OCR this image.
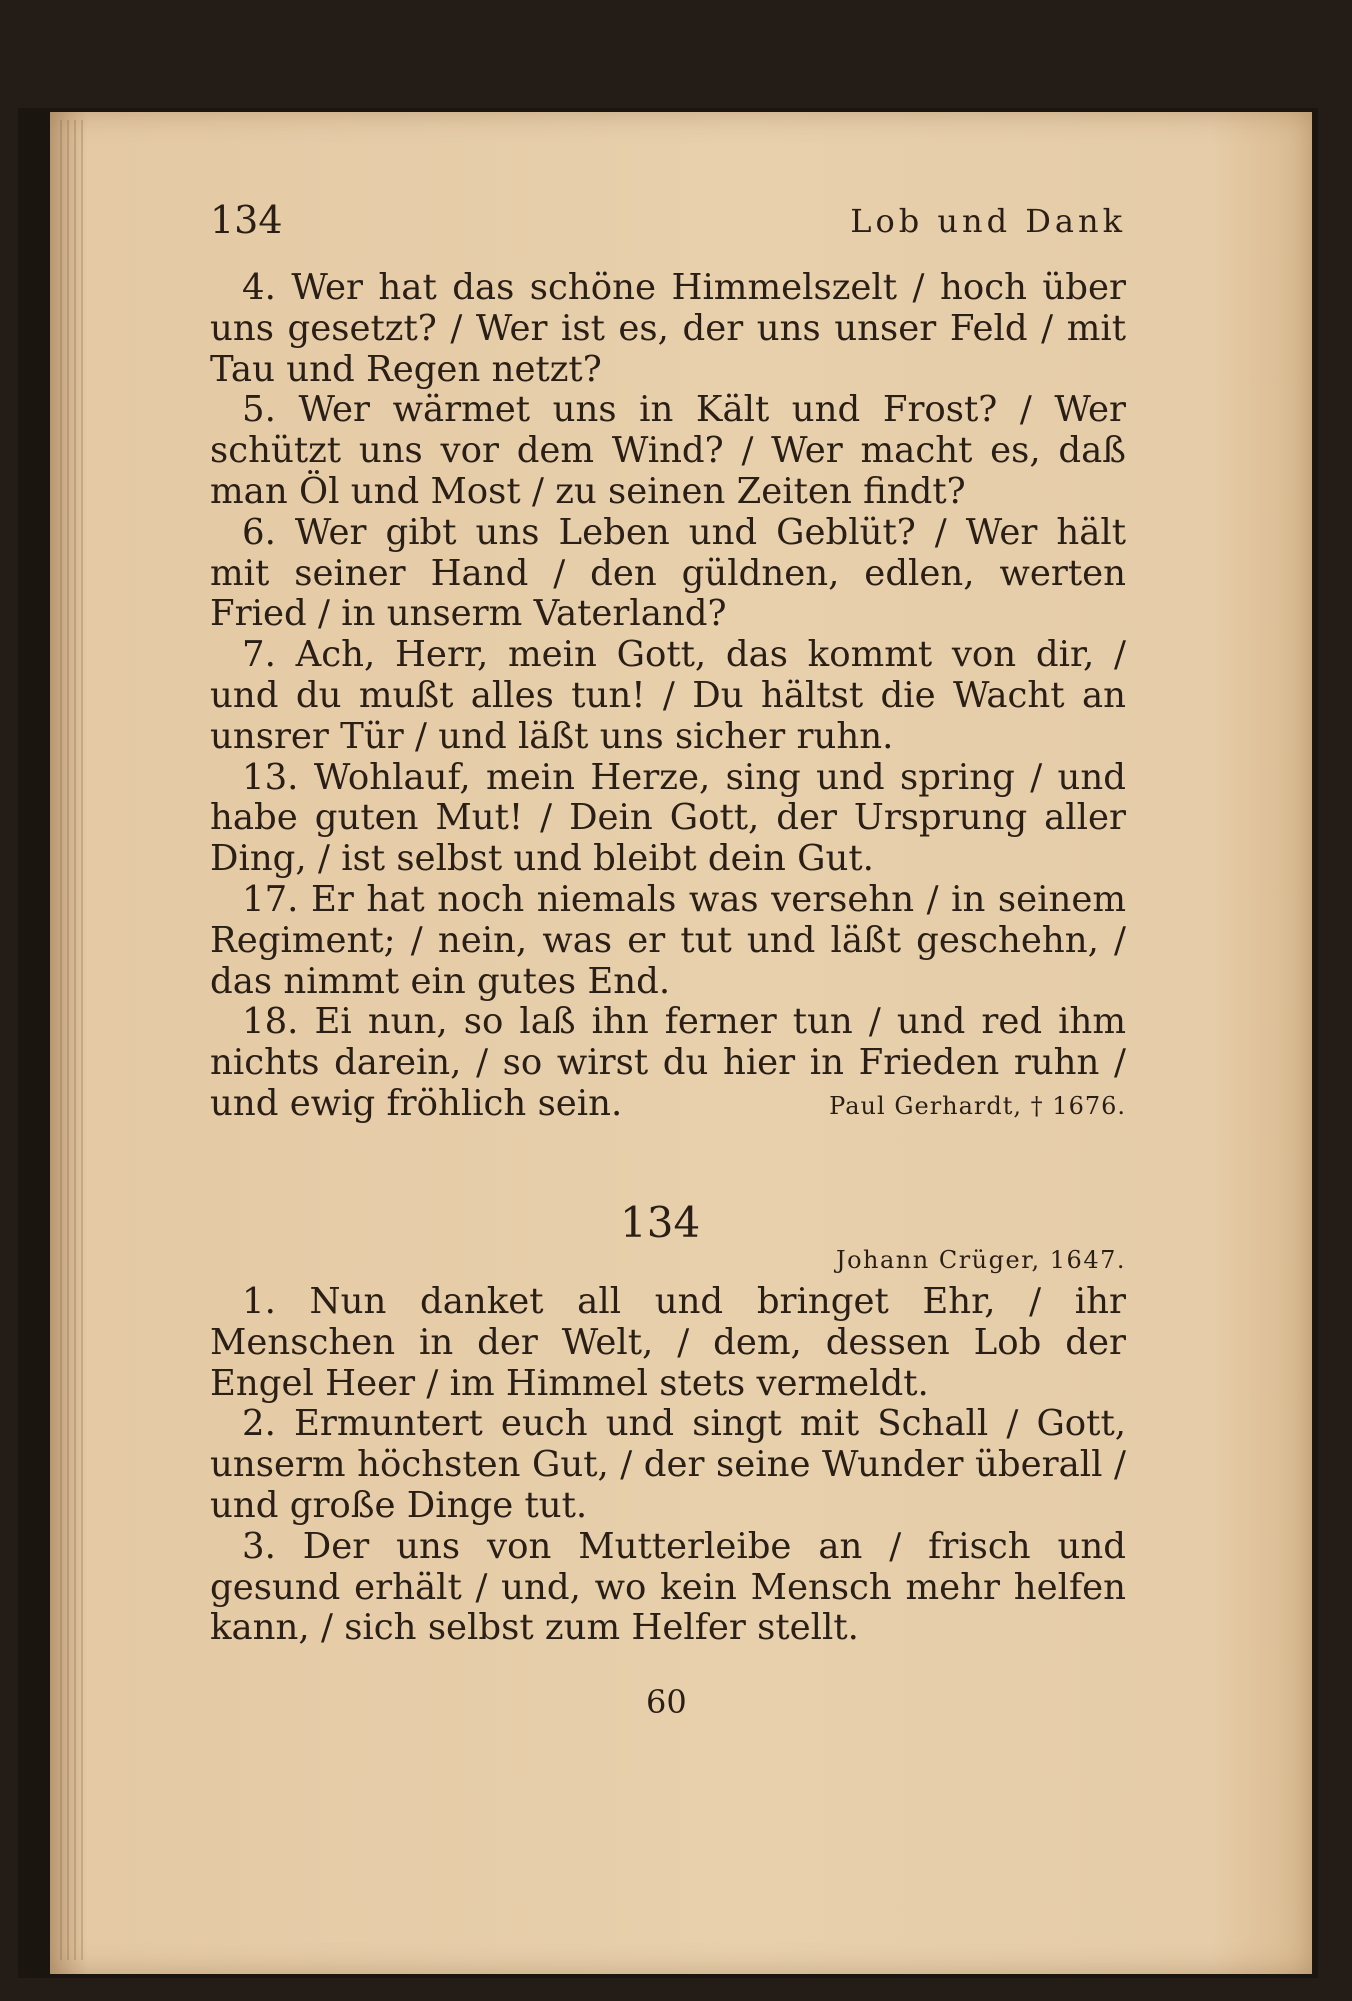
134	Lob und Dank

4. Wer hat das schöne Himmelszelt / hoch über uns gesetzt? / Wer ist es, der uns unser Feld / mit Tau und Regen netzt?

5. Wer wärmet uns in Kält und Frost? / Wer schützt uns vor dem Wind? / Wer macht es, daß man Öl und Most / zu seinen Zeiten findt?

6. Wer gibt uns Leben und Geblüt? / Wer hält mit seiner Hand / den güldnen, edlen, werten Fried / in unserm Vaterland?

7. Ach, Herr, mein Gott, das kommt von dir, / und du mußt alles tun! / Du hältst die Wacht an unsrer Tür / und läßt uns sicher ruhn.

13. Wohlauf, mein Herze, sing und spring / und habe guten Mut! / Dein Gott, der Ursprung aller Ding, / ist selbst und bleibt dein Gut.

17. Er hat noch niemals was versehn / in seinem Regiment; / nein, was er tut und läßt geschehn, / das nimmt ein gutes End.

18. Ei nun, so laß ihn ferner tun / und red ihm nichts darein, / so wirst du hier in Frieden ruhn / und ewig fröhlich sein.	Paul Gerhardt, † 1676.
134
Johann Crüger, 1647.

1. Nun danket all und bringet Ehr, / ihr Menschen in der Welt, / dem, dessen Lob der Engel Heer / im Himmel stets vermeldt.

2. Ermuntert euch und singt mit Schall / Gott, unserm höchsten Gut, / der seine Wunder überall / und große Dinge tut.

3. Der uns von Mutterleibe an / frisch und gesund erhält / und, wo kein Mensch mehr helfen kann, / sich selbst zum Helfer stellt.

60
